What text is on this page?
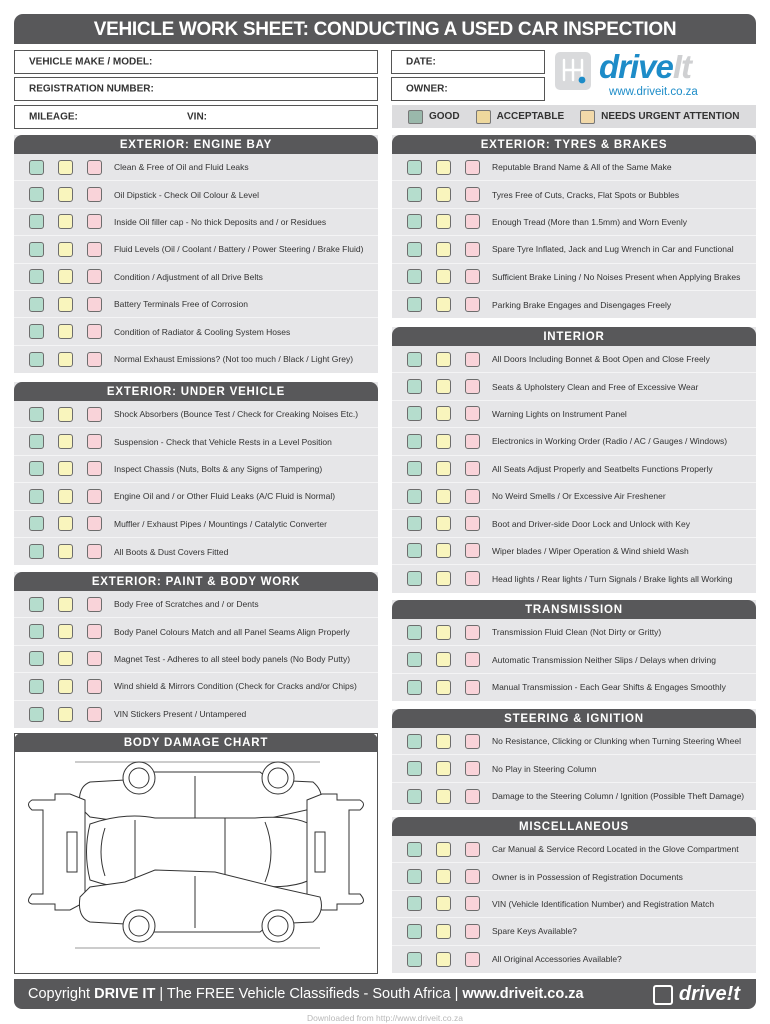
VEHICLE WORK SHEET: CONDUCTING A USED CAR INSPECTION
VEHICLE MAKE / MODEL:
REGISTRATION NUMBER:
MILEAGE:	VIN:
DATE:
OWNER:
driveIt
www.driveit.co.za
GOOD	ACCEPTABLE	NEEDS URGENT ATTENTION
EXTERIOR: ENGINE BAY
Clean & Free of Oil and Fluid Leaks
Oil Dipstick - Check Oil Colour & Level
Inside Oil filler cap - No thick Deposits and / or Residues
Fluid Levels (Oil / Coolant / Battery / Power Steering / Brake Fluid)
Condition / Adjustment of all Drive Belts
Battery Terminals Free of Corrosion
Condition of Radiator & Cooling System Hoses
Normal Exhaust Emissions? (Not too much / Black / Light Grey)
EXTERIOR: UNDER VEHICLE
Shock Absorbers (Bounce Test / Check for Creaking Noises Etc.)
Suspension - Check that Vehicle Rests in a Level Position
Inspect Chassis (Nuts, Bolts & any Signs of Tampering)
Engine Oil and / or Other Fluid Leaks (A/C Fluid is Normal)
Muffler / Exhaust Pipes / Mountings / Catalytic Converter
All Boots & Dust Covers Fitted
EXTERIOR: PAINT & BODY WORK
Body Free of Scratches and / or Dents
Body Panel Colours Match and all Panel Seams Align Properly
Magnet Test - Adheres to all steel body panels (No Body Putty)
Wind shield & Mirrors Condition (Check for Cracks and/or Chips)
VIN Stickers Present / Untampered
BODY DAMAGE CHART
EXTERIOR: TYRES & BRAKES
Reputable Brand Name & All of the Same Make
Tyres Free of Cuts, Cracks, Flat Spots or Bubbles
Enough Tread (More than 1.5mm) and Worn Evenly
Spare Tyre Inflated, Jack and Lug Wrench in Car and Functional
Sufficient Brake Lining / No Noises Present when Applying Brakes
Parking Brake Engages and Disengages Freely
INTERIOR
All Doors Including Bonnet & Boot Open and Close Freely
Seats & Upholstery Clean and Free of Excessive Wear
Warning Lights on Instrument Panel
Electronics in Working Order (Radio / AC / Gauges / Windows)
All Seats Adjust Properly and Seatbelts Functions Properly
No Weird Smells / Or Excessive Air Freshener
Boot and Driver-side Door Lock and Unlock with Key
Wiper blades / Wiper Operation & Wind shield Wash
Head lights / Rear lights / Turn Signals / Brake lights all Working
TRANSMISSION
Transmission Fluid Clean (Not Dirty or Gritty)
Automatic Transmission Neither Slips / Delays when driving
Manual Transmission - Each Gear Shifts & Engages Smoothly
STEERING & IGNITION
No Resistance, Clicking or Clunking when Turning Steering Wheel
No Play in Steering Column
Damage to the Steering Column / Ignition (Possible Theft Damage)
MISCELLANEOUS
Car Manual & Service Record Located in the Glove Compartment
Owner is in Possession of Registration Documents
VIN (Vehicle Identification Number) and Registration Match
Spare Keys Available?
All Original Accessories Available?
Copyright DRIVE IT | The FREE Vehicle Classifieds - South Africa | www.driveit.co.za	drive!t
Downloaded from http://www.driveit.co.za
